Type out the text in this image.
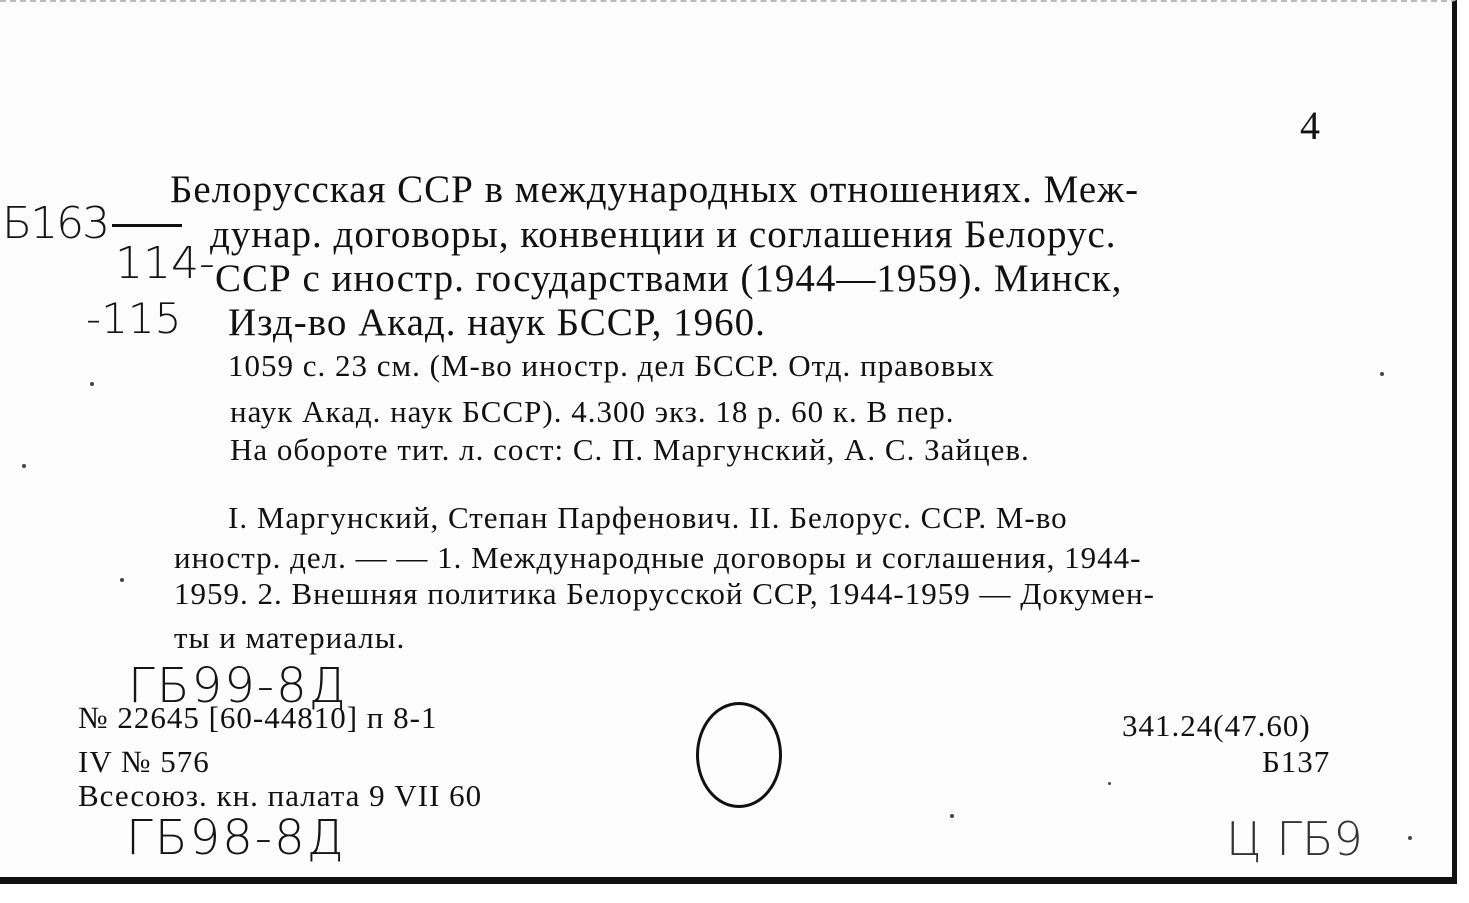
4
Б163
114-
-115
Белорусская ССР в международных отношениях. Меж-
дунар. договоры, конвенции и соглашения Белорус.
ССР с иностр. государствами (1944—1959). Минск,
Изд-во Акад. наук БССР, 1960.
1059 с. 23 см. (М-во иностр. дел БССР. Отд. правовых
наук Акад. наук БССР). 4.300 экз. 18 р. 60 к. В пер.
На обороте тит. л. сост: С. П. Маргунский, А. С. Зайцев.
I. Маргунский, Степан Парфенович. II. Белорус. ССР. М-во
иностр. дел. — — 1. Международные договоры и соглашения, 1944-
1959. 2. Внешняя политика Белорусской ССР, 1944-1959 — Докумен-
ты и материалы.
ГБ99-8Д
№ 22645 [60-44810] п 8-1
IV № 576
Всесоюз. кн. палата 9 VII 60
341.24(47.60)
Б137
ГБ98-8Д	Ц ГБ9
